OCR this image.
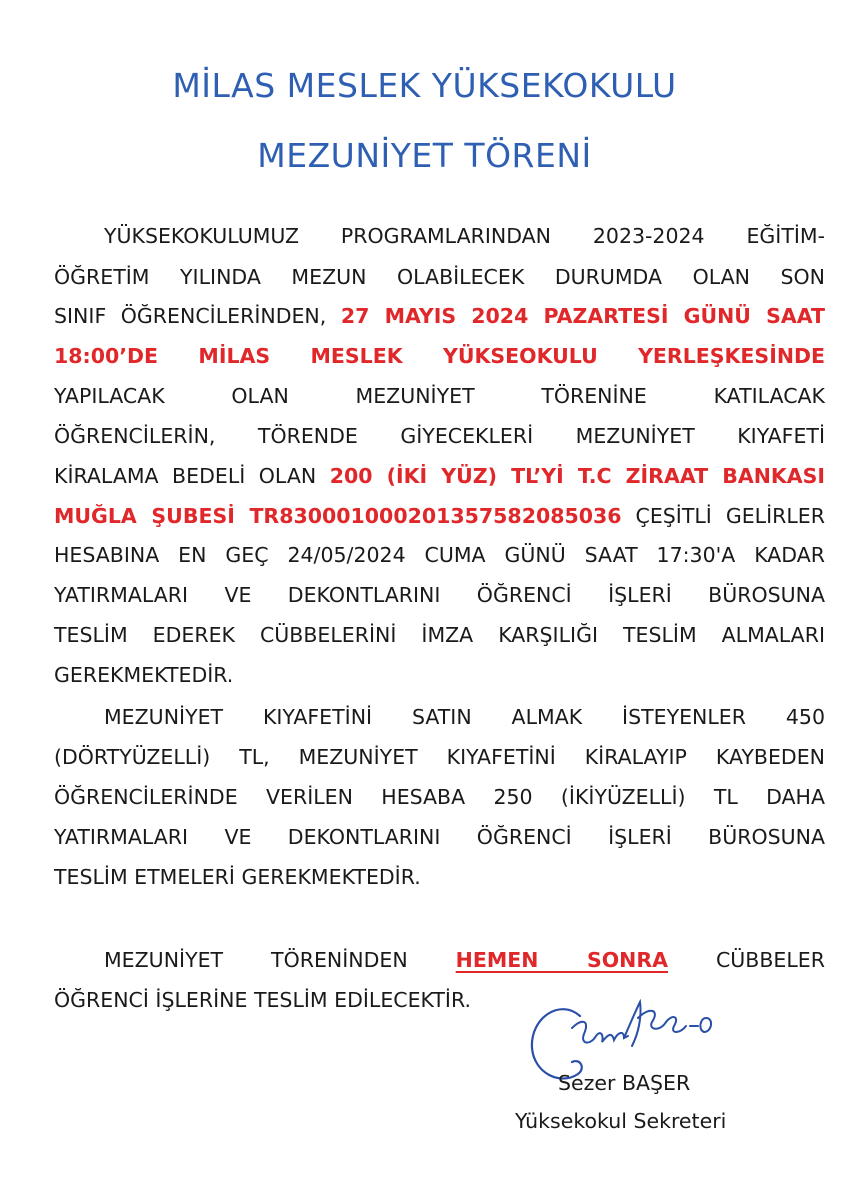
MİLAS MESLEK YÜKSEKOKULU
MEZUNİYET TÖRENİ
YÜKSEKOKULUMUZ PROGRAMLARINDAN 2023-2024 EĞİTİM-
ÖĞRETİM YILINDA MEZUN OLABİLECEK DURUMDA OLAN SON
SINIF ÖĞRENCİLERİNDEN, 27 MAYIS 2024 PAZARTESİ GÜNÜ SAAT
18:00’DE MİLAS MESLEK YÜKSEOKULU YERLEŞKESİNDE
YAPILACAK OLAN MEZUNİYET TÖRENİNE KATILACAK
ÖĞRENCİLERİN, TÖRENDE GİYECEKLERİ MEZUNİYET KIYAFETİ
KİRALAMA BEDELİ OLAN 200 (İKİ YÜZ) TL’Yİ T.C ZİRAAT BANKASI
MUĞLA ŞUBESİ TR830001000201357582085036 ÇEŞİTLİ GELİRLER
HESABINA EN GEÇ 24/05/2024 CUMA GÜNÜ SAAT 17:30'A KADAR
YATIRMALARI VE DEKONTLARINI ÖĞRENCİ İŞLERİ BÜROSUNA
TESLİM EDEREK CÜBBELERİNİ İMZA KARŞILIĞI TESLİM ALMALARI
GEREKMEKTEDİR.
MEZUNİYET KIYAFETİNİ SATIN ALMAK İSTEYENLER 450
(DÖRTYÜZELLİ) TL, MEZUNİYET KIYAFETİNİ KİRALAYIP KAYBEDEN
ÖĞRENCİLERİNDE VERİLEN HESABA 250 (İKİYÜZELLİ) TL DAHA
YATIRMALARI VE DEKONTLARINI ÖĞRENCİ İŞLERİ BÜROSUNA
TESLİM ETMELERİ GEREKMEKTEDİR.
MEZUNİYET TÖRENİNDEN HEMEN SONRA CÜBBELER
ÖĞRENCİ İŞLERİNE TESLİM EDİLECEKTİR.
Sezer BAŞER
Yüksekokul Sekreteri
